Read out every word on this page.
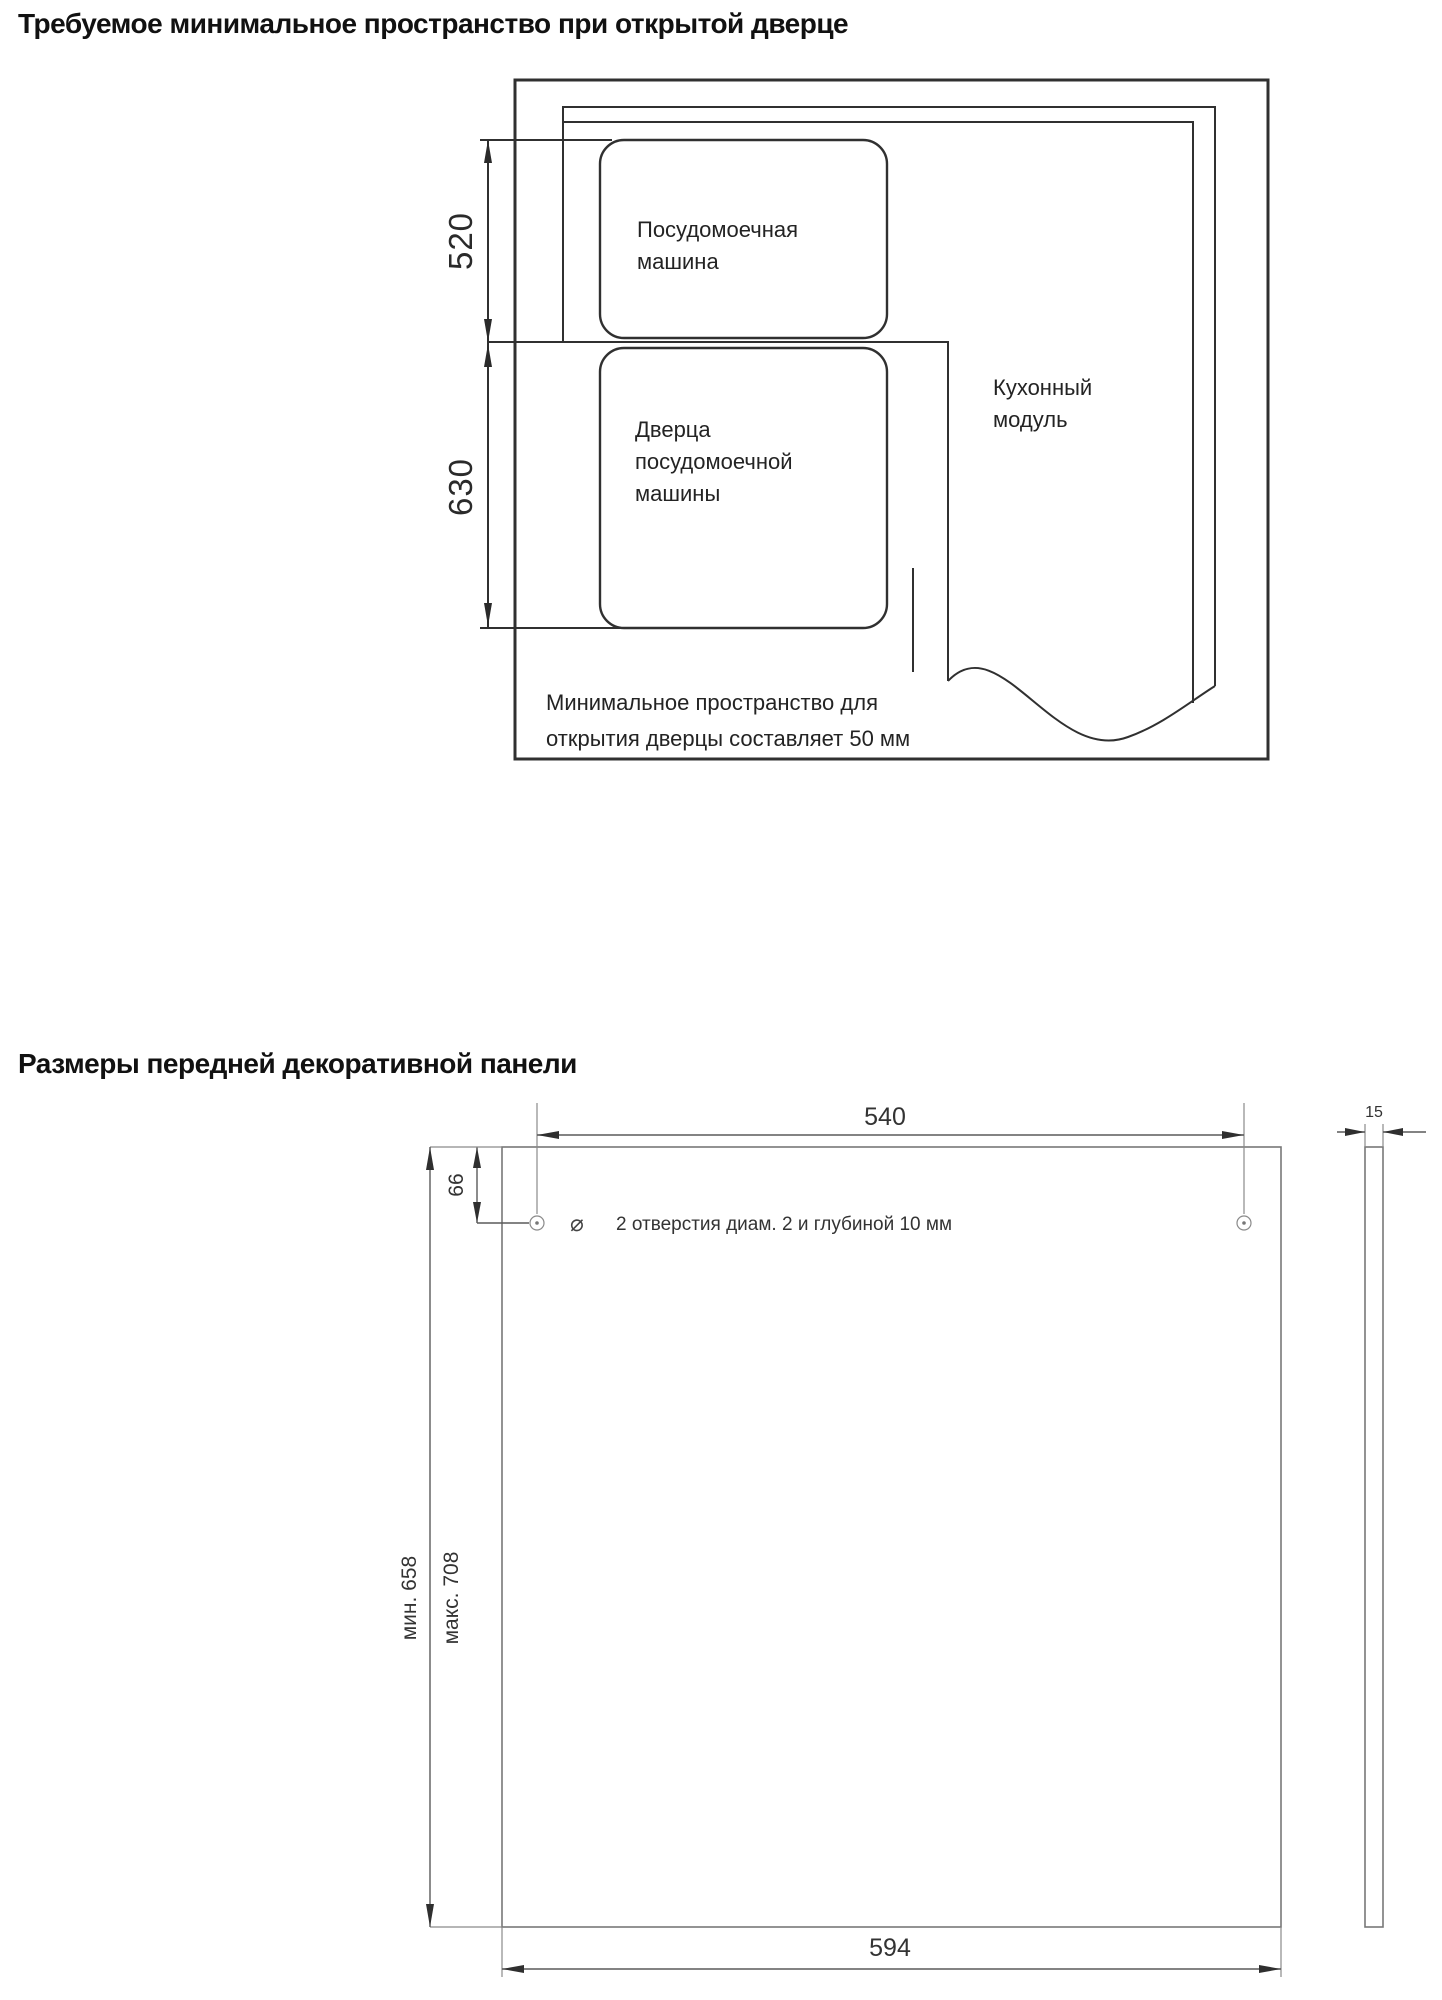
Требуемое минимальное пространство при открытой дверце
Посудомоечная
машина
Дверца
посудомоечной
машины
Кухонный
модуль
520
630
Минимальное пространство для
открытия дверцы составляет 50 мм
Размеры передней декоративной панели
540
66
⌀ 2 отверстия диам. 2 и глубиной 10 мм
мин. 658 макс. 708
594
15
